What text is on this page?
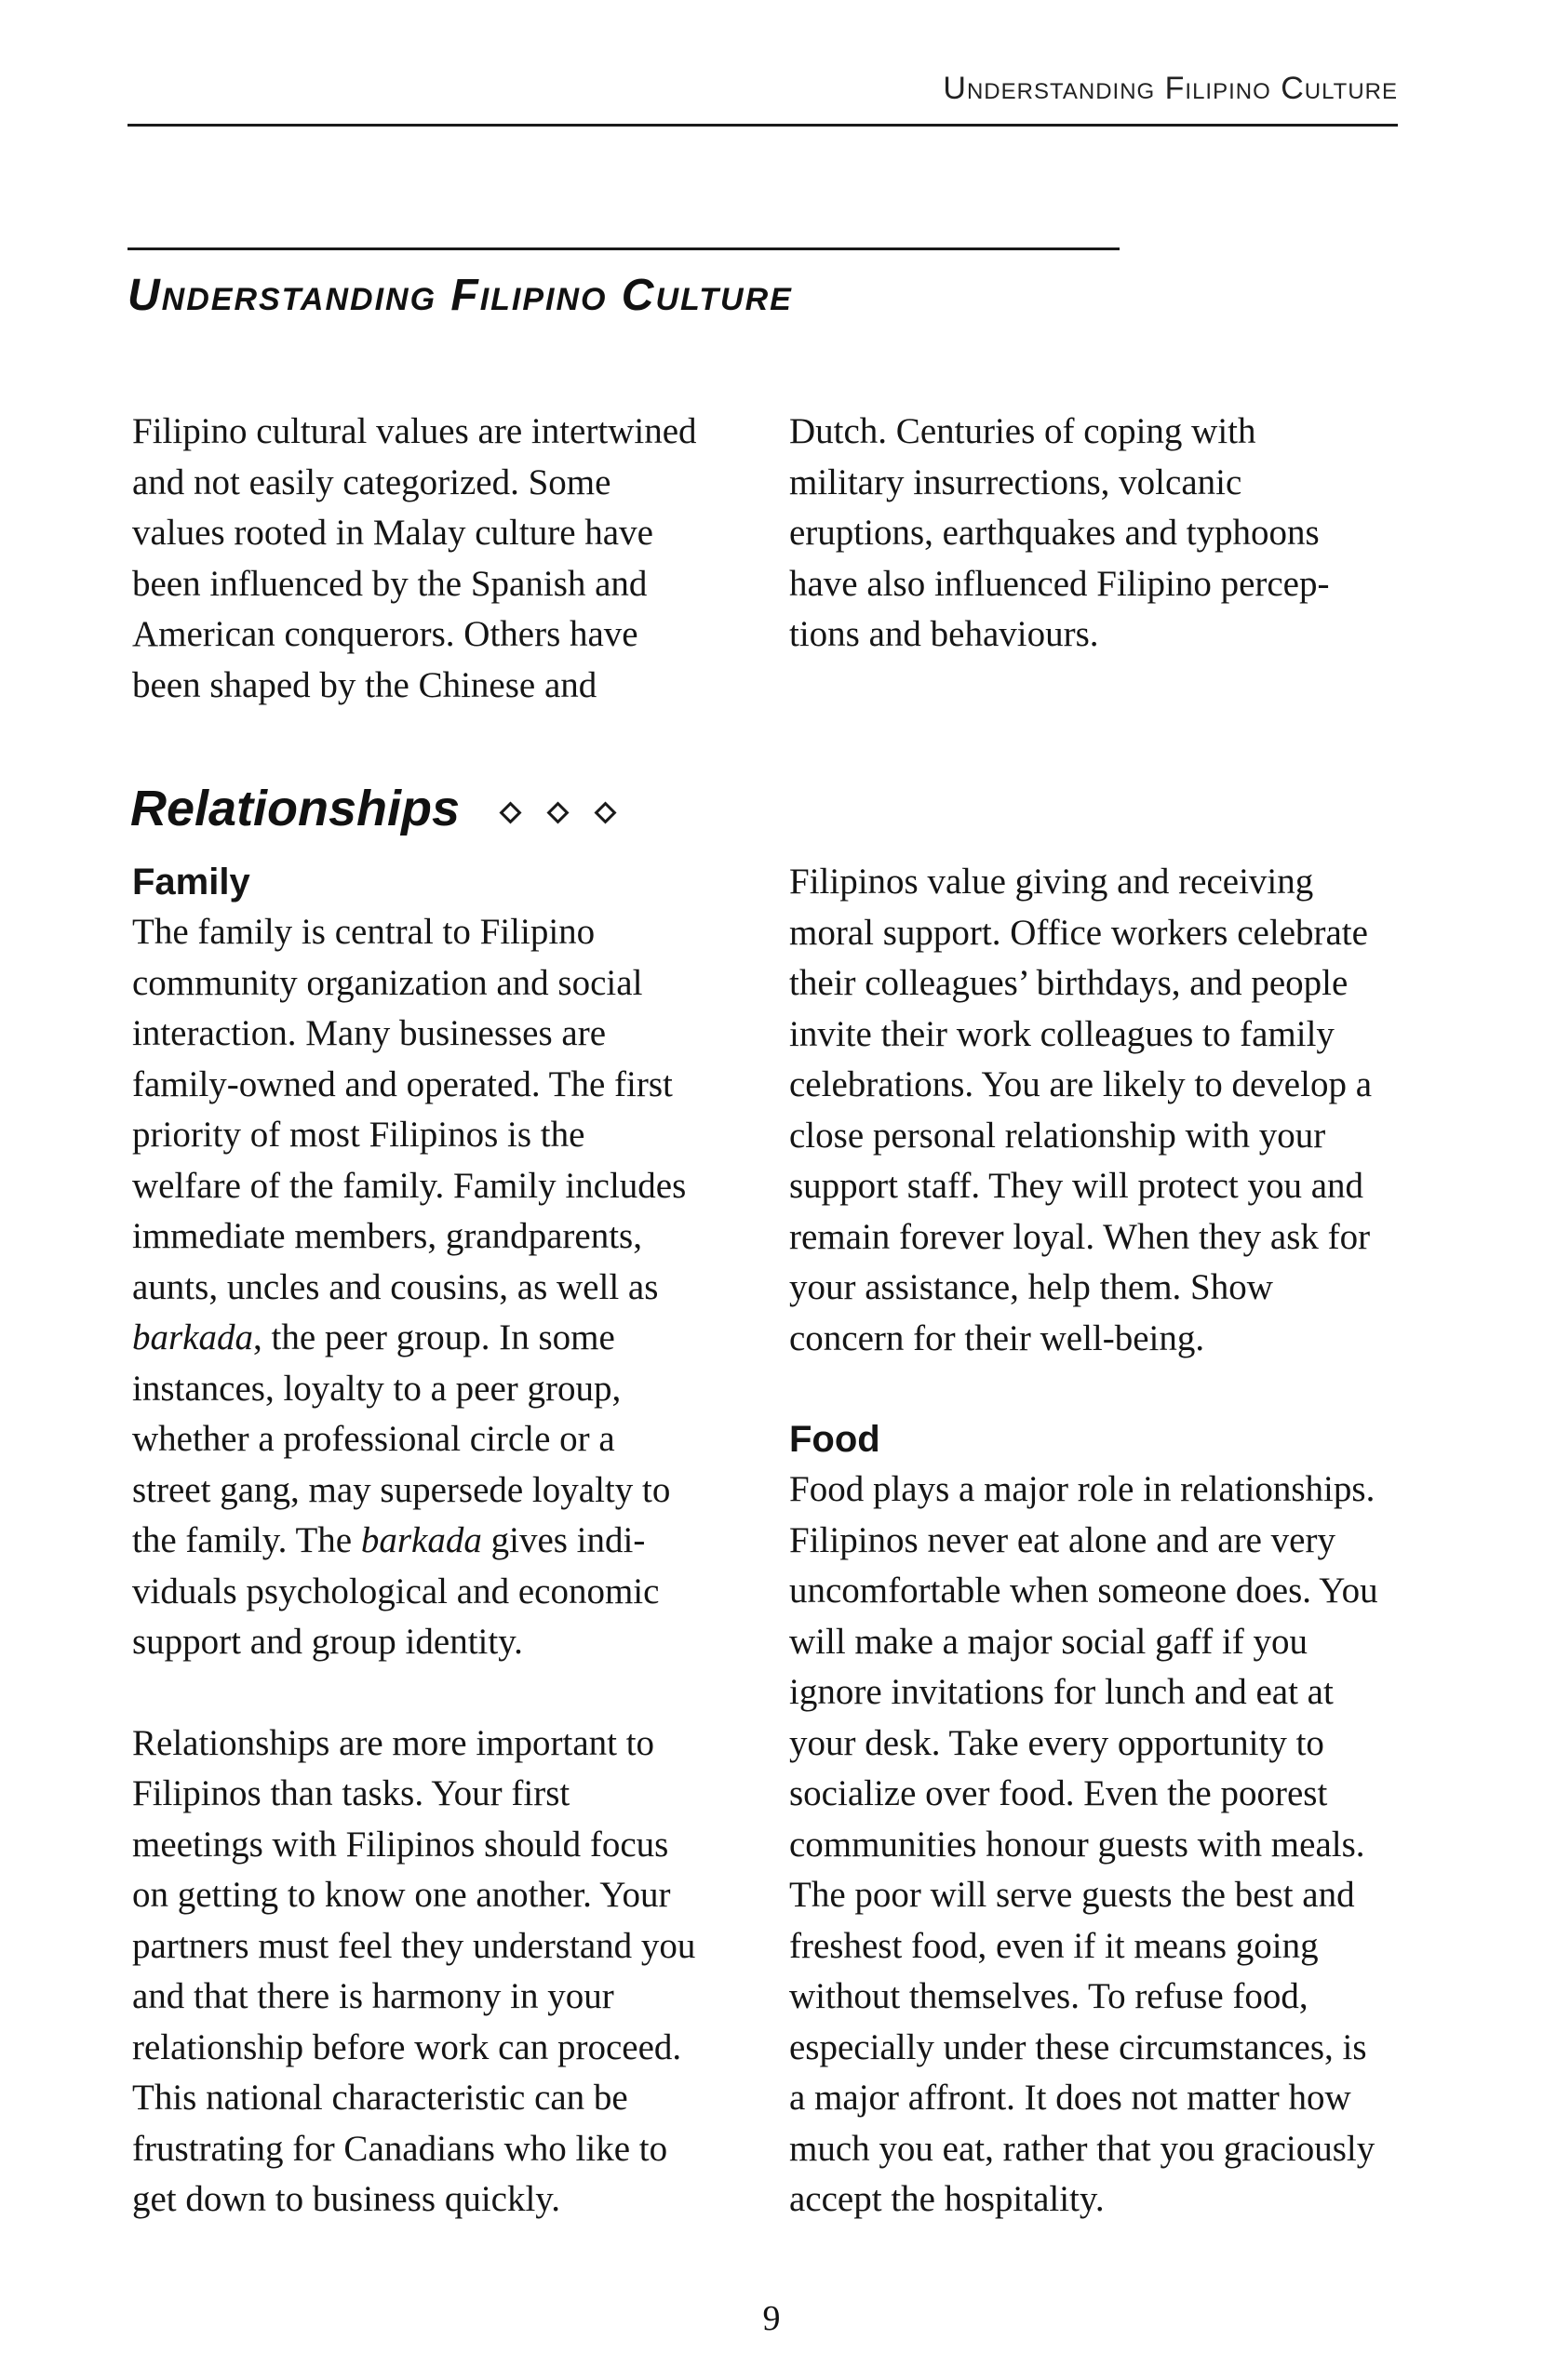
Understanding Filipino Culture
Understanding Filipino Culture

Filipino cultural values are intertwined
and not easily categorized. Some
values rooted in Malay culture have
been influenced by the Spanish and
American conquerors. Others have
been shaped by the Chinese and

Dutch. Centuries of coping with
military insurrections, volcanic
eruptions, earthquakes and typhoons
have also influenced Filipino percep-
tions and behaviours.

Relationships
Family

The family is central to Filipino
community organization and social
interaction. Many businesses are
family-owned and operated. The first
priority of most Filipinos is the
welfare of the family. Family includes
immediate members, grandparents,
aunts, uncles and cousins, as well as
barkada, the peer group. In some
instances, loyalty to a peer group,
whether a professional circle or a
street gang, may supersede loyalty to
the family. The barkada gives indi-
viduals psychological and economic
support and group identity.

Relationships are more important to
Filipinos than tasks. Your first
meetings with Filipinos should focus
on getting to know one another. Your
partners must feel they understand you
and that there is harmony in your
relationship before work can proceed.
This national characteristic can be
frustrating for Canadians who like to
get down to business quickly.

Filipinos value giving and receiving
moral support. Office workers celebrate
their colleagues’ birthdays, and people
invite their work colleagues to family
celebrations. You are likely to develop a
close personal relationship with your
support staff. They will protect you and
remain forever loyal. When they ask for
your assistance, help them. Show
concern for their well-being.

Food

Food plays a major role in relationships.
Filipinos never eat alone and are very
uncomfortable when someone does. You
will make a major social gaff if you
ignore invitations for lunch and eat at
your desk. Take every opportunity to
socialize over food. Even the poorest
communities honour guests with meals.
The poor will serve guests the best and
freshest food, even if it means going
without themselves. To refuse food,
especially under these circumstances, is
a major affront. It does not matter how
much you eat, rather that you graciously
accept the hospitality.

9
